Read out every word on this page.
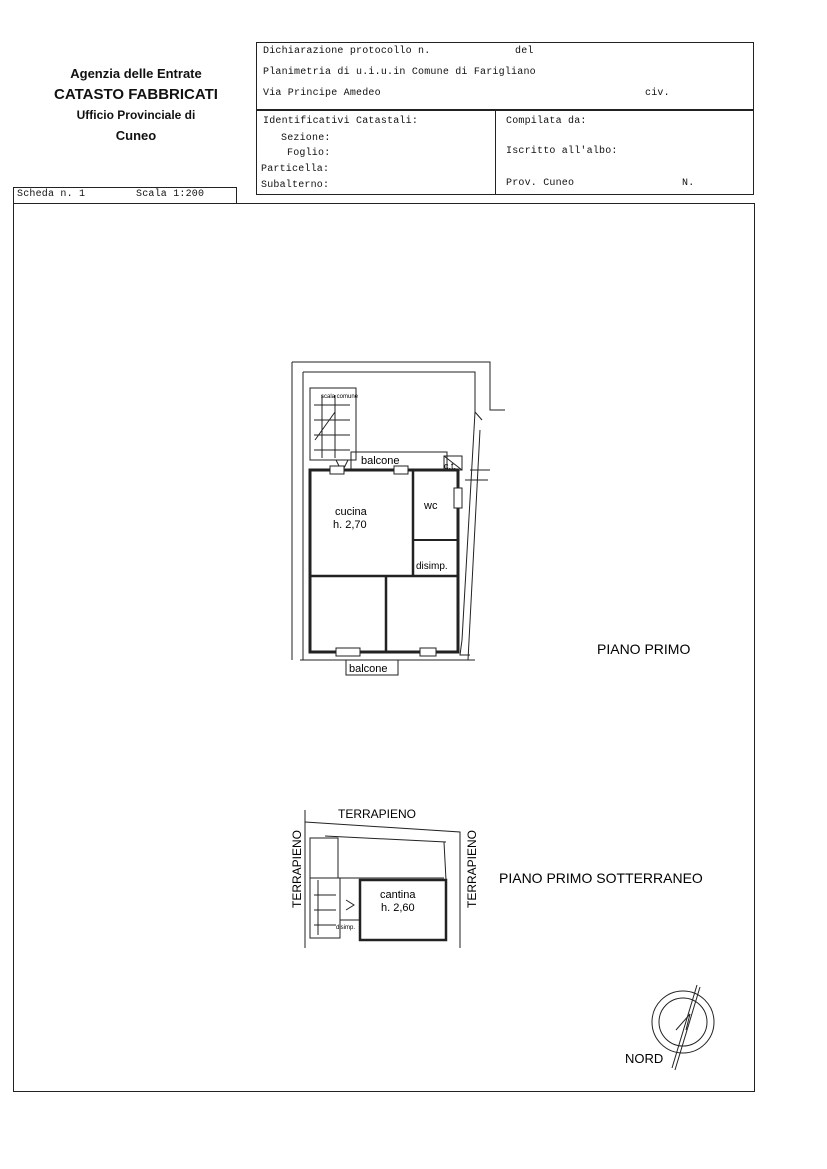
Agenzia delle Entrate
CATASTO FABBRICATI
Ufficio Provinciale di
Cuneo
Dichiarazione protocollo n.	del
Planimetria di u.i.u.in Comune di Farigliano
Via Principe Amedeo	civ.
Identificativi Catastali:
Sezione:
Foglio:
Particella:
Subalterno:
Compilata da:
Iscritto all'albo:
Prov. Cuneo	N.
Scheda n. 1	Scala 1:200
scala comune
balcone	c.t.
cucina
h. 2,70
wc
disimp.
balcone
PIANO PRIMO
TERRAPIENO
TERRAPIENO	TERRAPIENO
cantina
h. 2,60
disimp.
PIANO PRIMO SOTTERRANEO
NORD
